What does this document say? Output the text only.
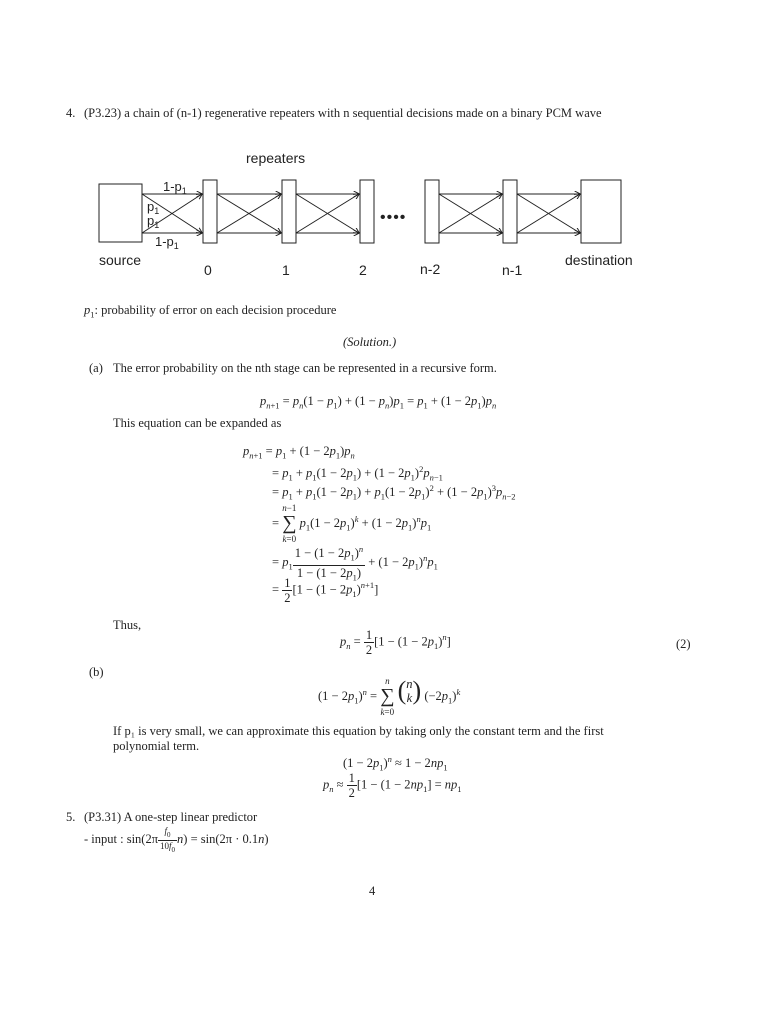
4. (P3.23) a chain of (n-1) regenerative repeaters with n sequential decisions made on a binary PCM wave
repeaters
$1-p_1$
$p_1$
$p_1$
$1-p_1$
••••
source
0	1	2	n-2	n-1
destination
$p_1$: probability of error on each decision procedure
(Solution.)
(a) The error probability on the nth stage can be represented in a recursive form.
$p_{n+1} = p_n(1 - p_1) + (1 - p_n)p_1 = p_1 + (1 - 2p_1)p_n$
This equation can be expanded as
$p_{n+1} = p_1 + (1 - 2p_1)p_n$
= $p_1 + p_1(1 - 2p_1) + (1 - 2p_1)^2p_{n-1}$
= $p_1 + p_1(1 - 2p_1) + p_1(1 - 2p_1)^2 + (1 - 2p_1)^3p_{n-2}$
= n−1
∑
k=0 $p_1(1 - 2p_1)^k + (1 - 2p_1)^np_1$
= $p_1 \frac{1 - (1 - 2p_1)^n}{1 - (1 - 2p_1)} + (1 - 2p_1)^np_1$
= $\frac{1}{2} [1 - (1 - 2p_1)^{n+1}]$
Thus,
$p_n = \frac{1}{2} [1 - (1 - 2p_1)^n]$	(2)
(b)
$(1 - 2p_1)^n = n$
∑
k=0 (n
k) $(-2p_1)^k$
If p₁ is very small, we can approximate this equation by taking only the constant term and the first
polynomial term.
$(1 - 2p_1)^n \approx 1 - 2np_1$
$p_n \approx \frac{1}{2} [1 - (1 - 2np_1] = np_1$
5. (P3.31) A one-step linear predictor
- input : $\sin(2\pi \frac{f_0}{10f_0} n) = \sin(2\pi \cdot 0.1n)$
4
